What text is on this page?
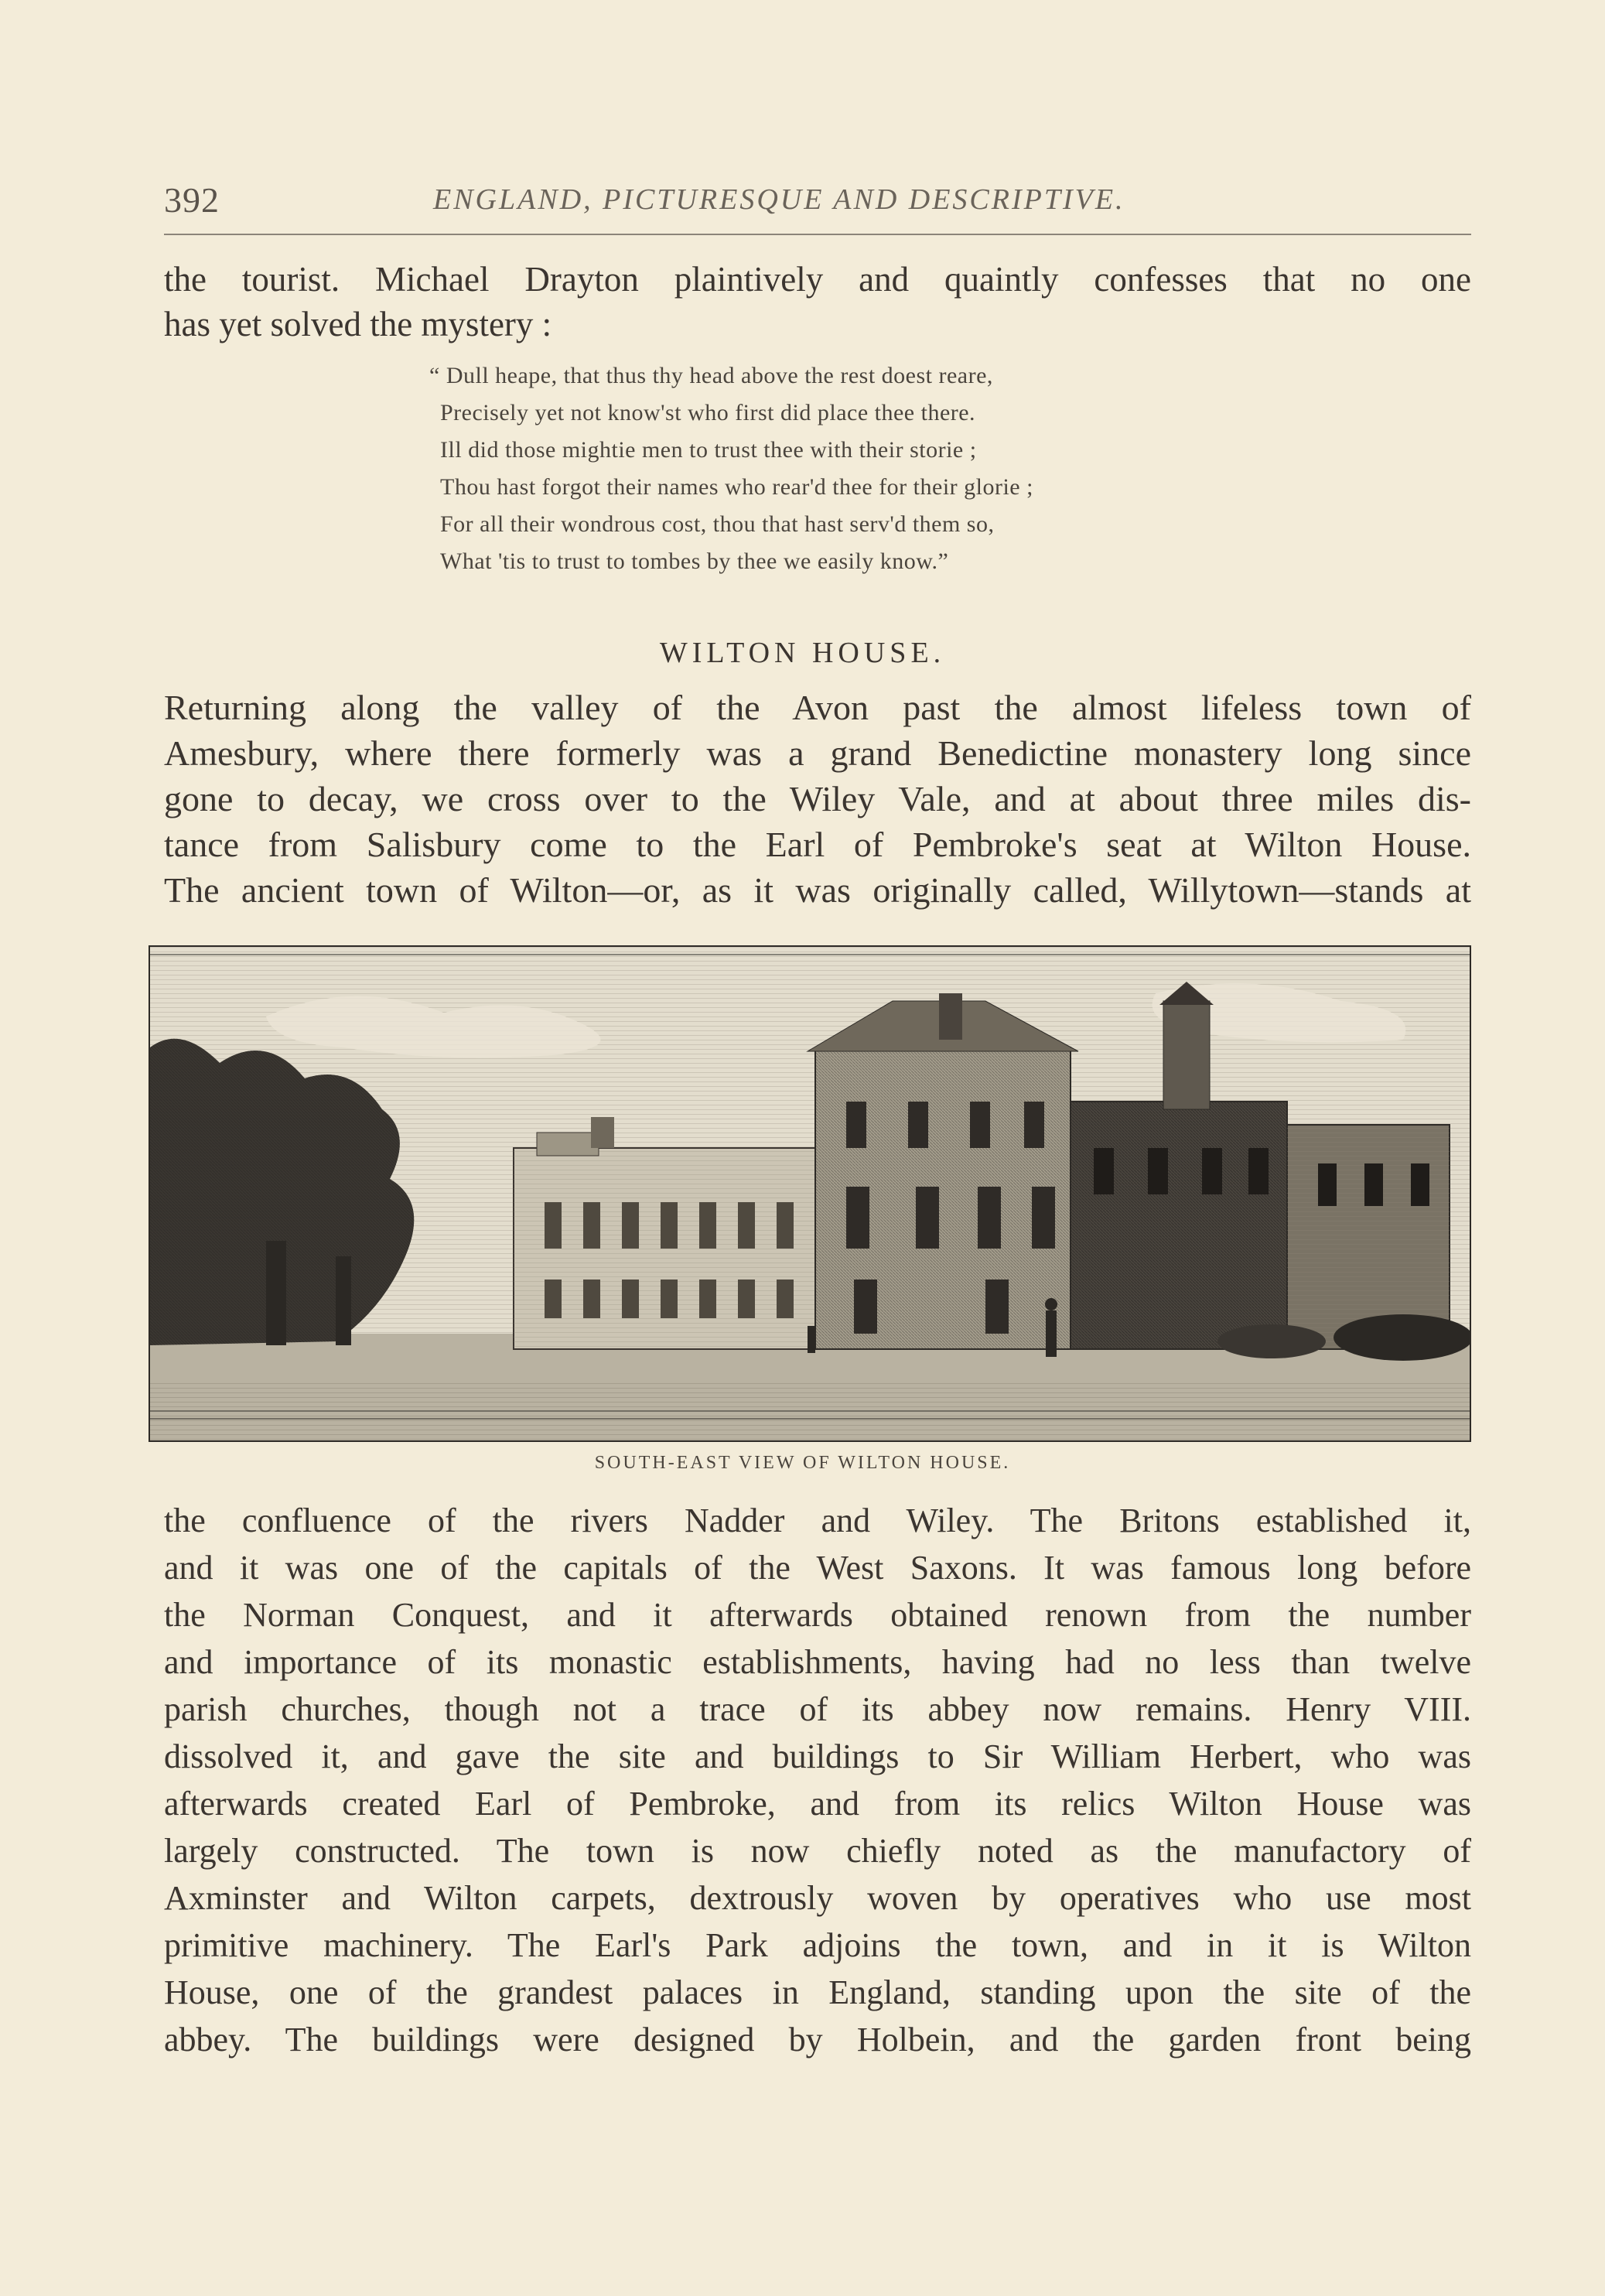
392	ENGLAND, PICTURESQUE AND DESCRIPTIVE.
the tourist. Michael Drayton plaintively and quaintly confesses that no one
has yet solved the mystery :
“ Dull heape, that thus thy head above the rest doest reare,
Precisely yet not know'st who first did place thee there.
Ill did those mightie men to trust thee with their storie ;
Thou hast forgot their names who rear'd thee for their glorie ;
For all their wondrous cost, thou that hast serv'd them so,
What 'tis to trust to tombes by thee we easily know.”
WILTON HOUSE.
Returning along the valley of the Avon past the almost lifeless town of
Amesbury, where there formerly was a grand Benedictine monastery long since
gone to decay, we cross over to the Wiley Vale, and at about three miles dis-
tance from Salisbury come to the Earl of Pembroke's seat at Wilton House.
The ancient town of Wilton—or, as it was originally called, Willytown—stands at
SOUTH-EAST VIEW OF WILTON HOUSE.
the confluence of the rivers Nadder and Wiley. The Britons established it,
and it was one of the capitals of the West Saxons. It was famous long before
the Norman Conquest, and it afterwards obtained renown from the number
and importance of its monastic establishments, having had no less than twelve
parish churches, though not a trace of its abbey now remains. Henry VIII.
dissolved it, and gave the site and buildings to Sir William Herbert, who was
afterwards created Earl of Pembroke, and from its relics Wilton House was
largely constructed. The town is now chiefly noted as the manufactory of
Axminster and Wilton carpets, dextrously woven by operatives who use most
primitive machinery. The Earl's Park adjoins the town, and in it is Wilton
House, one of the grandest palaces in England, standing upon the site of the
abbey. The buildings were designed by Holbein, and the garden front being
